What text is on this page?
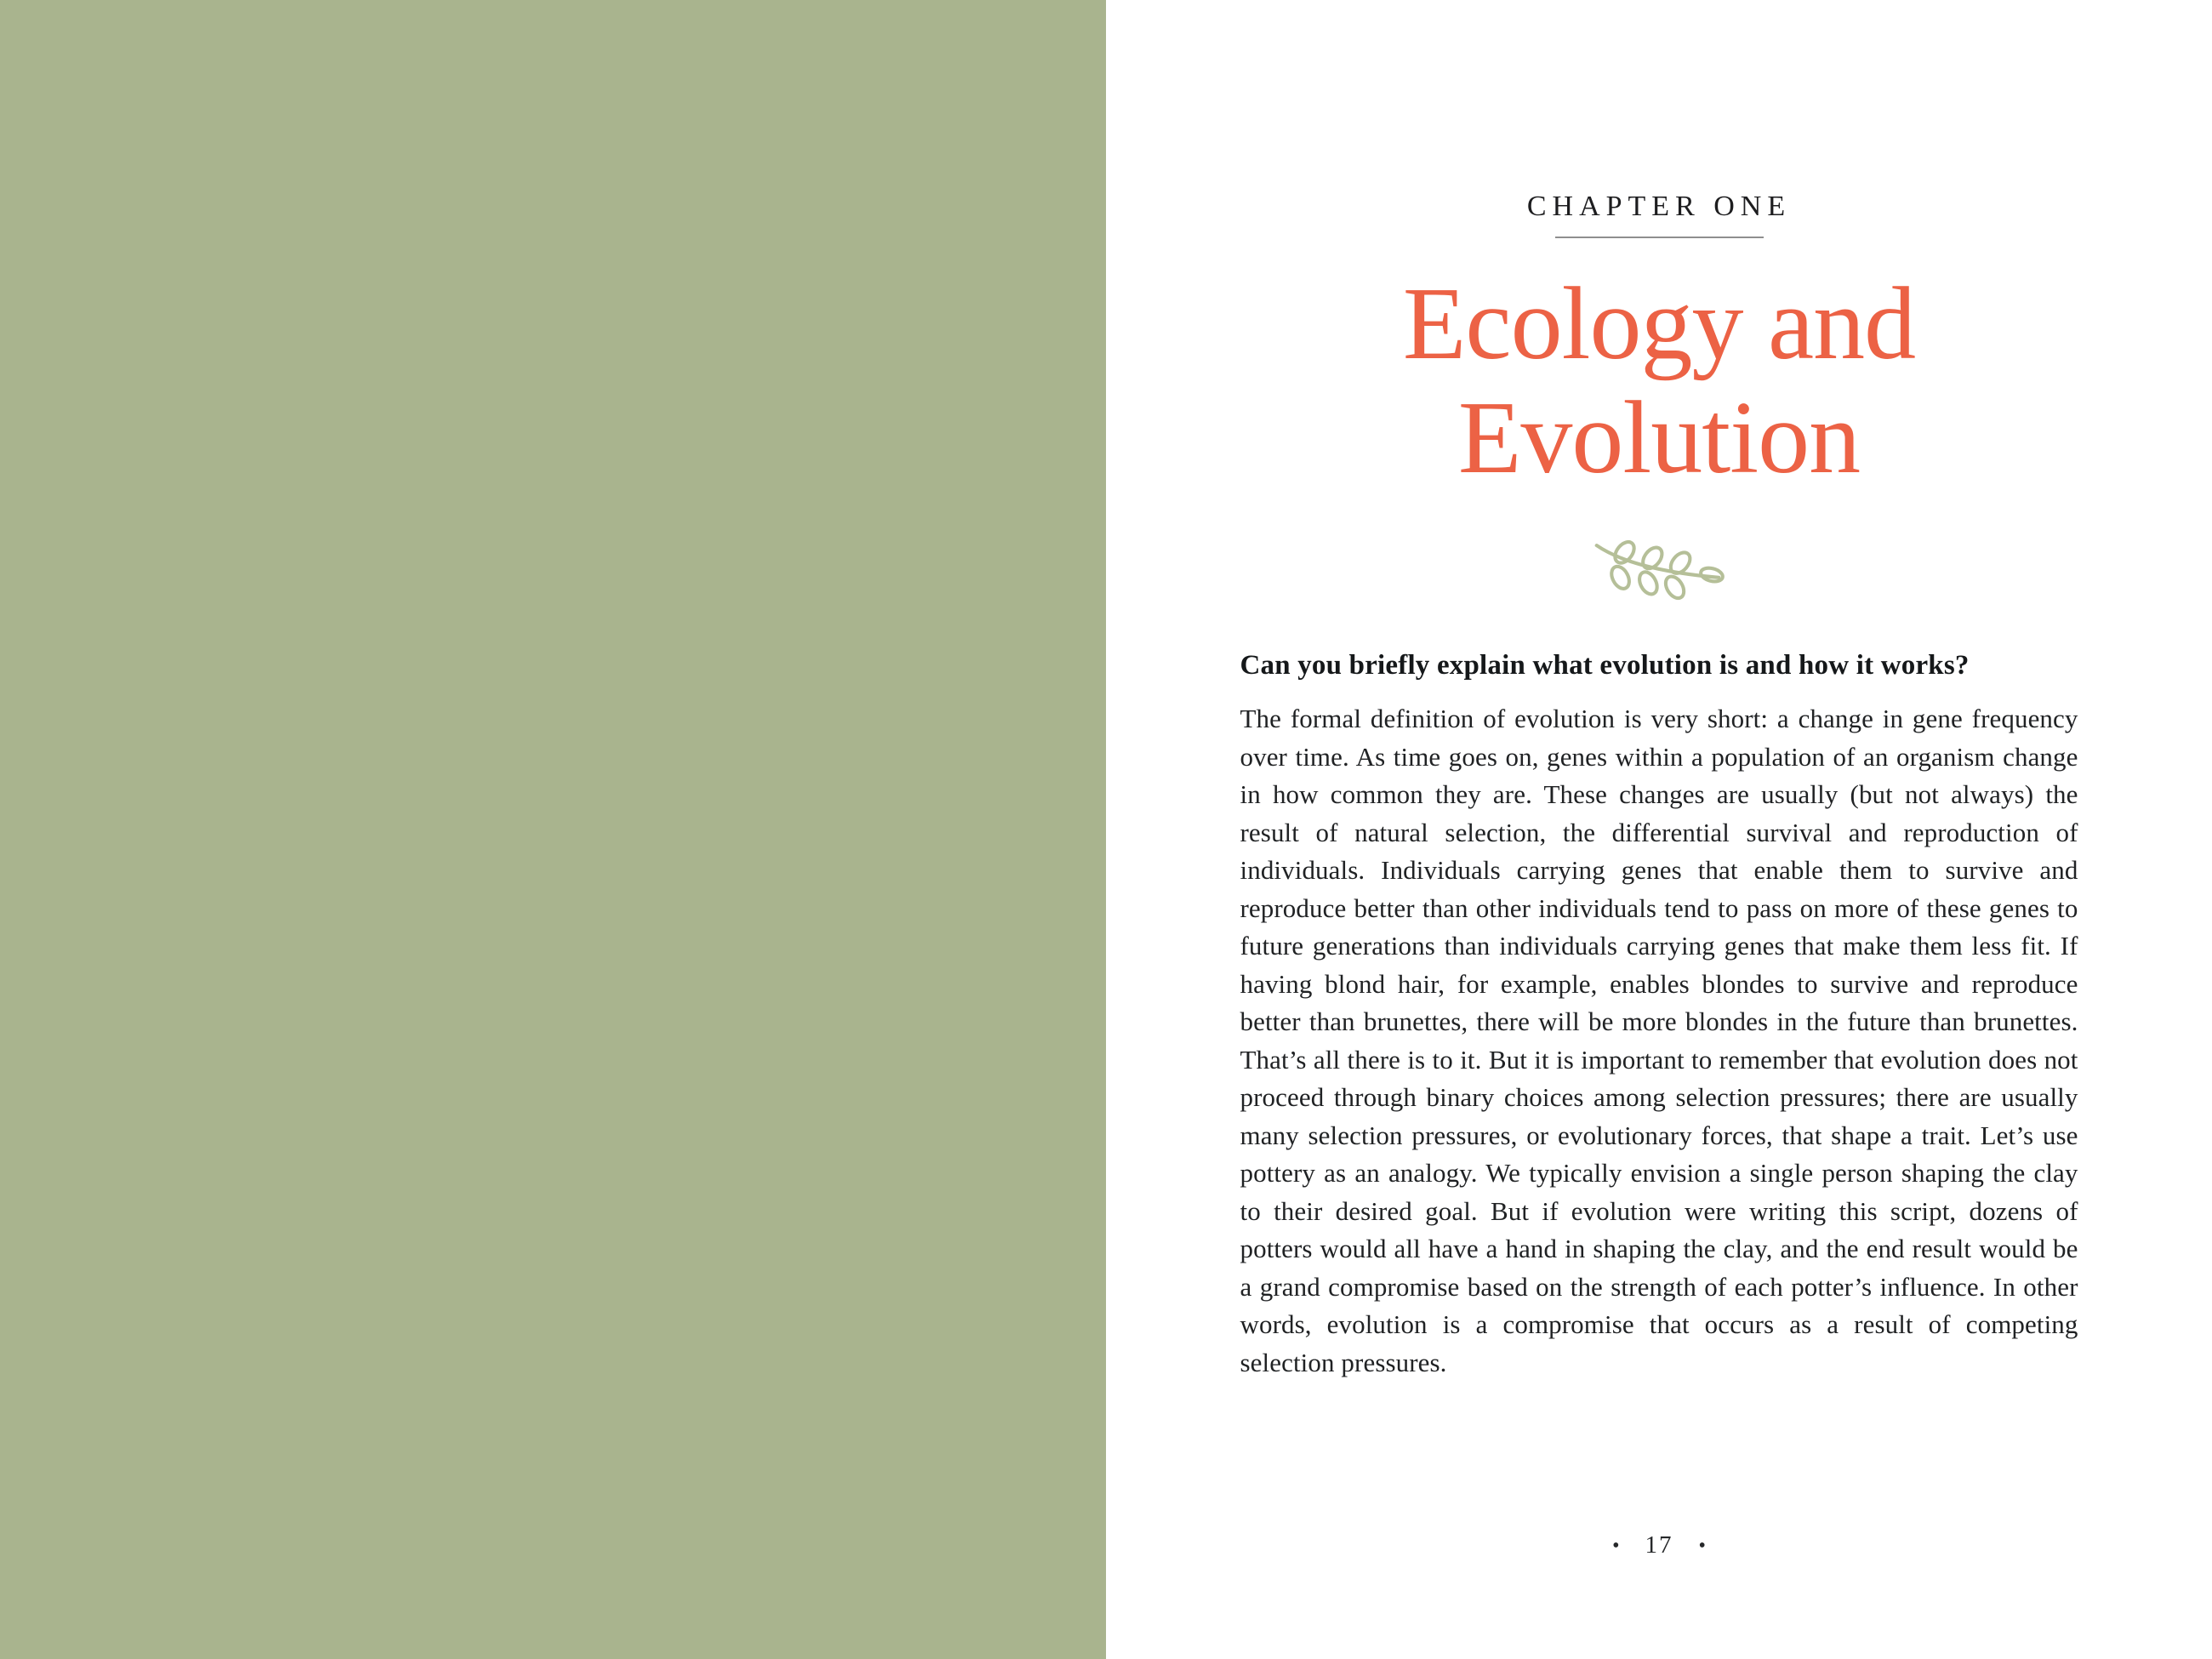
CHAPTER ONE
Ecology and
Evolution

Can you briefly explain what evolution is and how it works?

The formal definition of evolution is very short: a change in gene frequency over time. As time goes on, genes within a population of an organism change in how common they are. These changes are usually (but not always) the result of natural selection, the differential survival and reproduction of individuals. Individuals carrying genes that enable them to survive and reproduce better than other individuals tend to pass on more of these genes to future generations than individuals carrying genes that make them less fit. If having blond hair, for example, enables blondes to survive and reproduce better than brunettes, there will be more blondes in the future than brunettes. That’s all there is to it. But it is important to remember that evolution does not proceed through binary choices among selection pressures; there are usually many selection pressures, or evolutionary forces, that shape a trait. Let’s use pottery as an analogy. We typically envision a single person shaping the clay to their desired goal. But if evolution were writing this script, dozens of potters would all have a hand in shaping the clay, and the end result would be a grand compromise based on the strength of each potter’s influence. In other words, evolution is a compromise that occurs as a result of competing selection pressures.

• 17 •
